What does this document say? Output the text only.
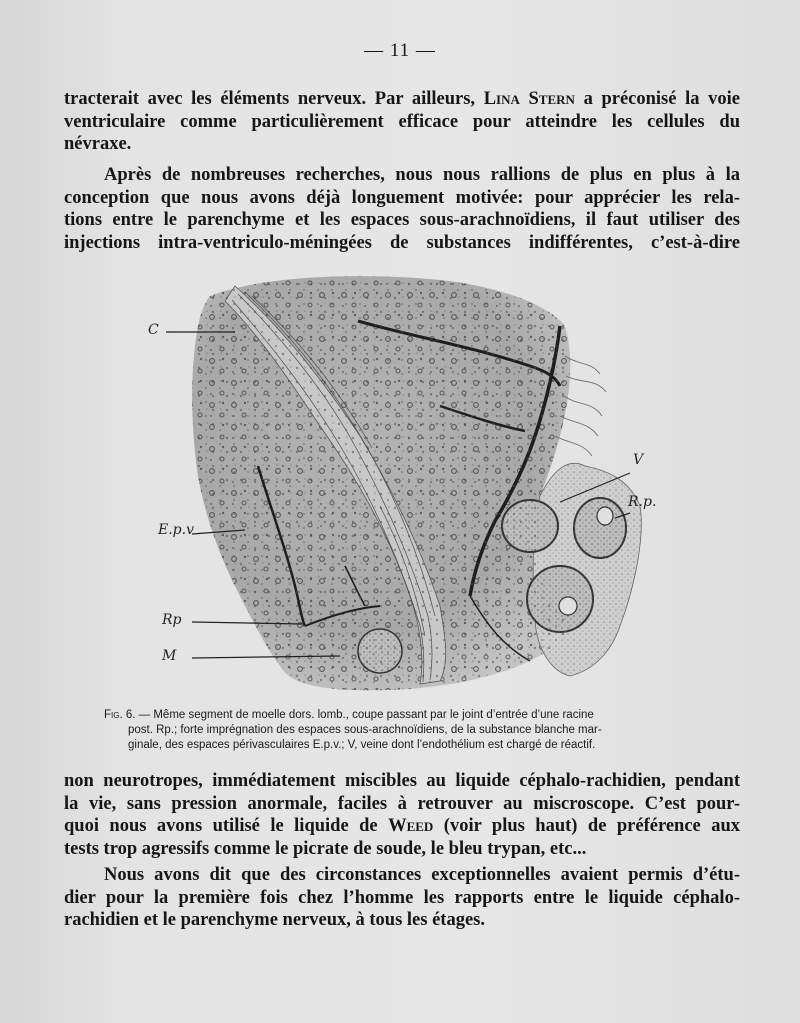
— 11 —

tracterait avec les éléments nerveux. Par ailleurs, Lina Stern a préconisé la voie
ventriculaire comme particulièrement efficace pour atteindre les cellules du
névraxe.

Après de nombreuses recherches, nous nous rallions de plus en plus à la
conception que nous avons déjà longuement motivée: pour apprécier les rela-
tions entre le parenchyme et les espaces sous-arachnoïdiens, il faut utiliser des
injections intra-ventriculo-méningées de substances indifférentes, c’est-à-dire

C
E.p.v
Rp
M
V
R.p.
Fig. 6. — Même segment de moelle dors. lomb., coupe passant par le joint d’entrée d’une racine
post. Rp.; forte imprégnation des espaces sous-arachnoïdiens, de la substance blanche mar-
ginale, des espaces périvasculaires E.p.v.; V, veine dont l’endothélium est chargé de réactif.

non neurotropes, immédiatement miscibles au liquide céphalo-rachidien, pendant
la vie, sans pression anormale, faciles à retrouver au miscroscope. C’est pour-
quoi nous avons utilisé le liquide de Weed (voir plus haut) de préférence aux
tests trop agressifs comme le picrate de soude, le bleu trypan, etc...

Nous avons dit que des circonstances exceptionnelles avaient permis d’étu-
dier pour la première fois chez l’homme les rapports entre le liquide céphalo-
rachidien et le parenchyme nerveux, à tous les étages.
